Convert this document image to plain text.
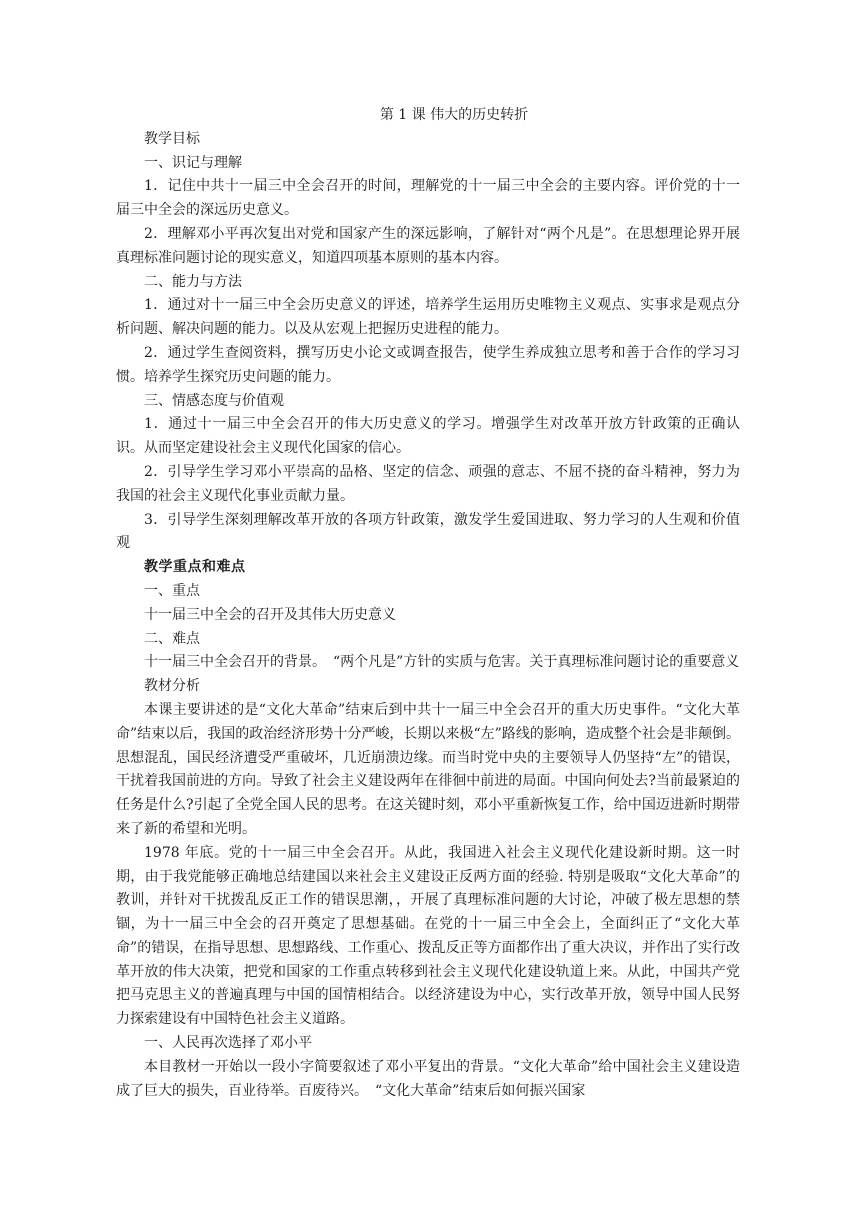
第 1 课 伟大的历史转折

教学目标

一、识记与理解

1．记住中共十一届三中全会召开的时间，理解党的十一届三中全会的主要内容。评价党的十一届三中全会的深远历史意义。

2．理解邓小平再次复出对党和国家产生的深远影响，了解针对“两个凡是”。在思想理论界开展真理标准问题讨论的现实意义，知道四项基本原则的基本内容。

二、能力与方法

1．通过对十一届三中全会历史意义的评述，培养学生运用历史唯物主义观点、实事求是观点分析问题、解决问题的能力。以及从宏观上把握历史进程的能力。

2．通过学生查阅资料，撰写历史小论文或调查报告，使学生养成独立思考和善于合作的学习习惯。培养学生探究历史问题的能力。

三、情感态度与价值观

1．通过十一届三中全会召开的伟大历史意义的学习。增强学生对改革开放方针政策的正确认识。从而坚定建设社会主义现代化国家的信心。

2．引导学生学习邓小平崇高的品格、坚定的信念、顽强的意志、不屈不挠的奋斗精神，努力为我国的社会主义现代化事业贡献力量。

3．引导学生深刻理解改革开放的各项方针政策，激发学生爱国进取、努力学习的人生观和价值观

教学重点和难点

一、重点

十一届三中全会的召开及其伟大历史意义

二、难点

十一届三中全会召开的背景。　“两个凡是”方针的实质与危害。关于真理标准问题讨论的重要意义

教材分析

本课主要讲述的是“文化大革命”结束后到中共十一届三中全会召开的重大历史事件。“文化大革命”结束以后，我国的政治经济形势十分严峻，长期以来极“左”路线的影响，造成整个社会是非颠倒。思想混乱，国民经济遭受严重破坏，几近崩溃边缘。而当时党中央的主要领导人仍坚持“左”的错误，干扰着我国前进的方向。导致了社会主义建设两年在徘徊中前进的局面。中国向何处去?当前最紧迫的任务是什么?引起了全党全国人民的思考。在这关键时刻，邓小平重新恢复工作，给中国迈进新时期带来了新的希望和光明。

1978 年底。党的十一届三中全会召开。从此，我国进入社会主义现代化建设新时期。这一时期，由于我党能够正确地总结建国以来社会主义建设正反两方面的经验. 特别是吸取“文化大革命”的教训，并针对干扰拨乱反正工作的错误思潮，，开展了真理标准问题的大讨论，冲破了极左思想的禁锢，为十一届三中全会的召开奠定了思想基础。在党的十一届三中全会上，全面纠正了“文化大革命”的错误，在指导思想、思想路线、工作重心、拨乱反正等方面都作出了重大决议，并作出了实行改革开放的伟大决策，把党和国家的工作重点转移到社会主义现代化建设轨道上来。从此，中国共产党把马克思主义的普遍真理与中国的国情相结合。以经济建设为中心，实行改革开放，领导中国人民努力探索建设有中国特色社会主义道路。

一、人民再次选择了邓小平

本目教材一开始以一段小字简要叙述了邓小平复出的背景。“文化大革命”给中国社会主义建设造成了巨大的损失，百业待举。百废待兴。　“文化大革命”结束后如何振兴国家
